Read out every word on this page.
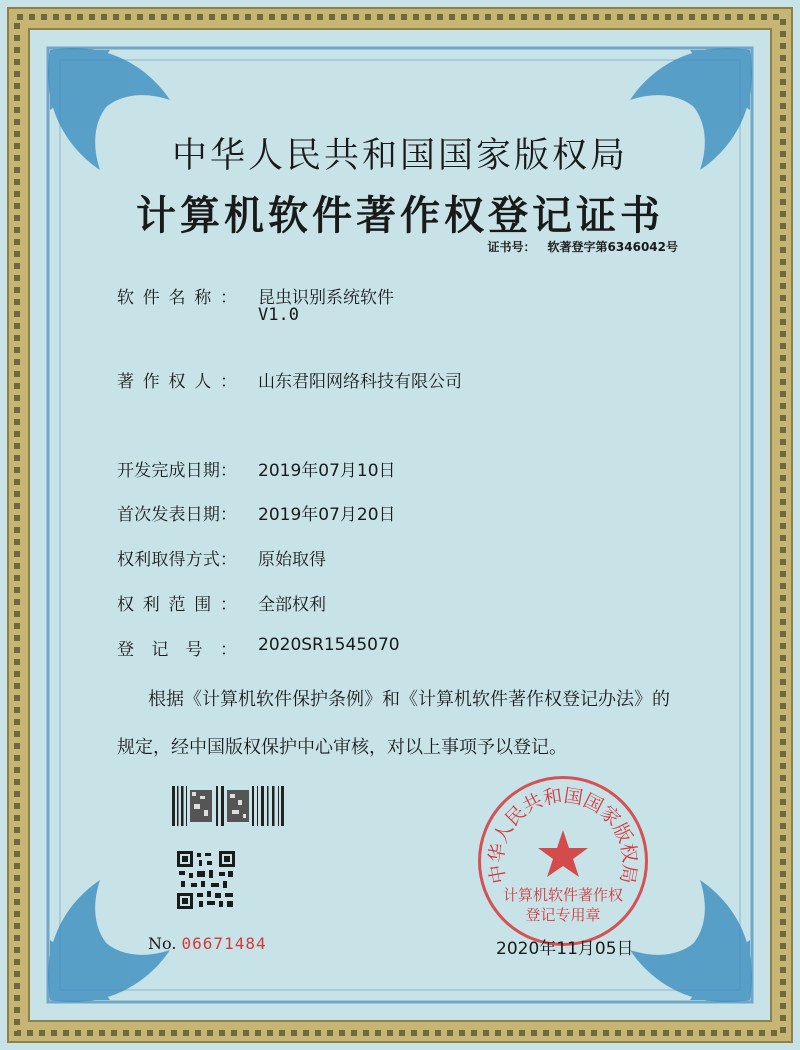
中华人民共和国国家版权局
计算机软件著作权登记证书
证书号： 软著登字第6346042号
软件名称： 昆虫识别系统软件
V1.0
著作权人： 山东君阳网络科技有限公司
开发完成日期： 2019年07月10日
首次发表日期： 2019年07月20日
权利取得方式： 原始取得
权利范围： 全部权利
登记号： 2020SR1545070
根据《计算机软件保护条例》和《计算机软件著作权登记办法》的
规定，经中国版权保护中心审核，对以上事项予以登记。
No. 06671484
中华人民共和国国家版权局
计算机软件著作权
登记专用章
2020年11月05日
